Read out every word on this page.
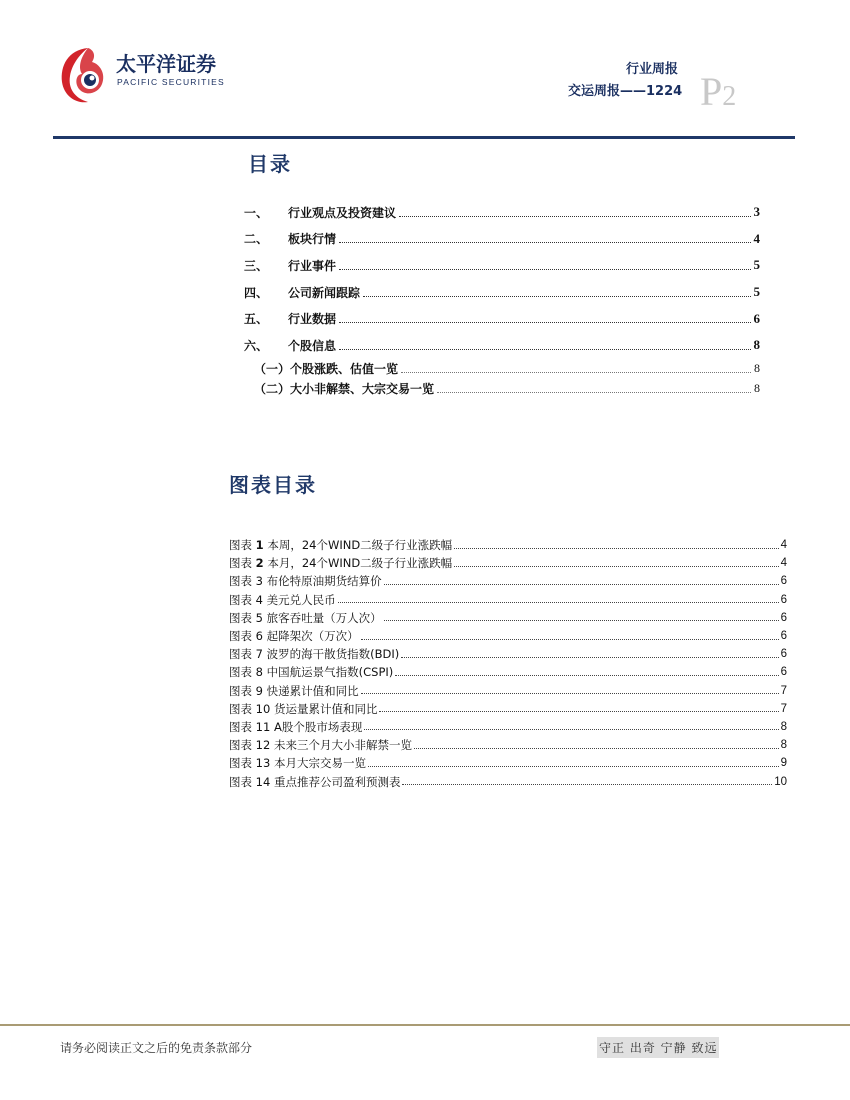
太平洋证券
PACIFIC SECURITIES
行业周报
交运周报——1224 P2
目录
一、	行业观点及投资建议	3
二、	板块行情	4
三、	行业事件	5
四、	公司新闻跟踪	5
五、	行业数据	6
六、	个股信息	8
（一）个股涨跌、估值一览	8
（二）大小非解禁、大宗交易一览	8
图表目录
图表 1 本周，24个WIND二级子行业涨跌幅	4
图表 2 本月，24个WIND二级子行业涨跌幅	4
图表 3 布伦特原油期货结算价	6
图表 4 美元兑人民币	6
图表 5 旅客吞吐量（万人次）	6
图表 6 起降架次（万次）	6
图表 7 波罗的海干散货指数(BDI)	6
图表 8 中国航运景气指数(CSPI)	6
图表 9 快递累计值和同比	7
图表 10 货运量累计值和同比	7
图表 11 A股个股市场表现	8
图表 12 未来三个月大小非解禁一览	8
图表 13 本月大宗交易一览	9
图表 14 重点推荐公司盈利预测表	10
请务必阅读正文之后的免责条款部分	守正 出奇 宁静 致远
